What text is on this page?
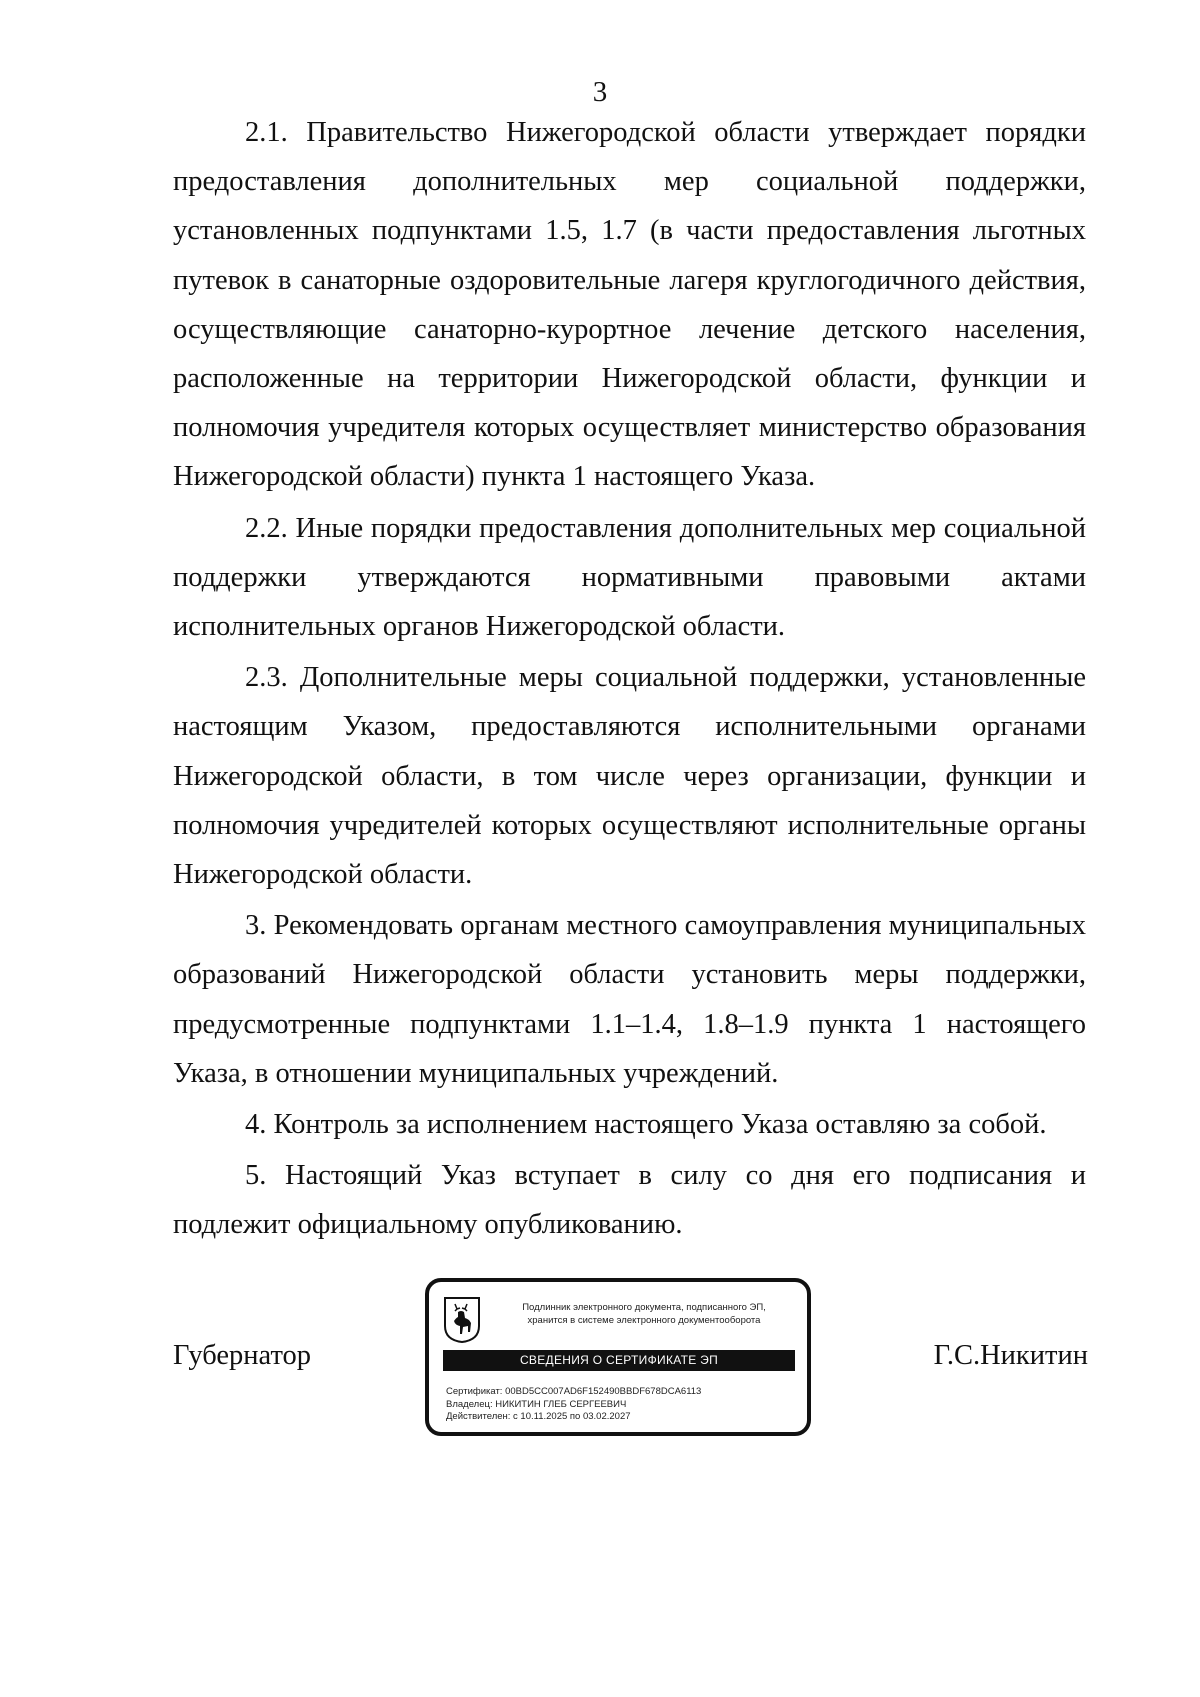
3

2.1. Правительство Нижегородской области утверждает порядки предоставления дополнительных мер социальной поддержки, установленных подпунктами 1.5, 1.7 (в части предоставления льготных путевок в санаторные оздоровительные лагеря круглогодичного действия, осуществляющие санаторно-курортное лечение детского населения, расположенные на территории Нижегородской области, функции и полномочия учредителя которых осуществляет министерство образования Нижегородской области) пункта 1 настоящего Указа.

2.2. Иные порядки предоставления дополнительных мер социальной поддержки утверждаются нормативными правовыми актами исполнительных органов Нижегородской области.

2.3. Дополнительные меры социальной поддержки, установленные настоящим Указом, предоставляются исполнительными органами Нижегородской области, в том числе через организации, функции и полномочия учредителей которых осуществляют исполнительные органы Нижегородской области.

3. Рекомендовать органам местного самоуправления муниципальных образований Нижегородской области установить меры поддержки, предусмотренные подпунктами 1.1–1.4, 1.8–1.9 пункта 1 настоящего Указа, в отношении муниципальных учреждений.

4. Контроль за исполнением настоящего Указа оставляю за собой.

5. Настоящий Указ вступает в силу со дня его подписания и подлежит официальному опубликованию.

Губернатор	Г.С.Никитин
Подлинник электронного документа, подписанного ЭП,
хранится в системе электронного документооборота
СВЕДЕНИЯ О СЕРТИФИКАТЕ ЭП
Сертификат: 00BD5CC007AD6F152490BBDF678DCA6113
Владелец: НИКИТИН ГЛЕБ СЕРГЕЕВИЧ
Действителен: с 10.11.2025 по 03.02.2027
